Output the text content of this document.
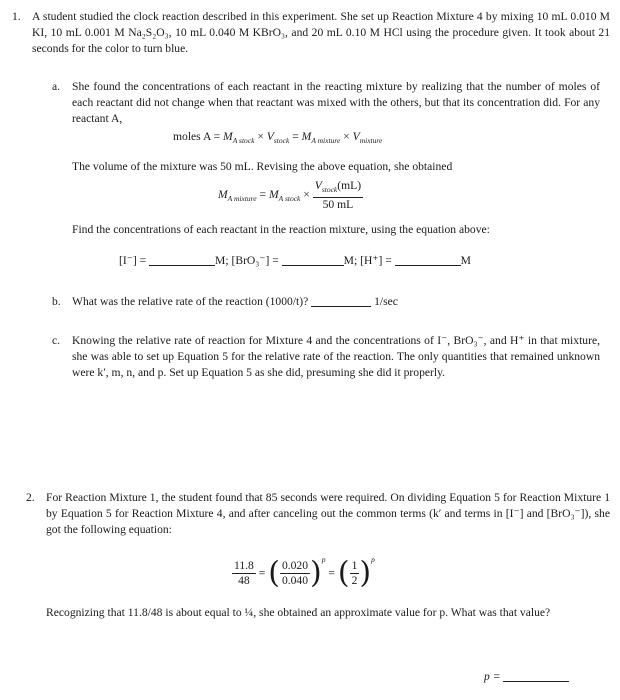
1. A student studied the clock reaction described in this experiment. She set up Reaction Mixture 4 by mixing 10 mL 0.010 M KI, 10 mL 0.001 M Na₂S₂O₃, 10 mL 0.040 M KBrO₃, and 20 mL 0.10 M HCl using the procedure given. It took about 21 seconds for the color to turn blue.
a. She found the concentrations of each reactant in the reacting mixture by realizing that the number of moles of each reactant did not change when that reactant was mixed with the others, but that its concentration did. For any reactant A,
moles $A = M_{A stock} \times V_{stock} = M_{A mixture} \times V_{mixture}$
The volume of the mixture was 50 mL. Revising the above equation, she obtained
$M_{A mixture} = M_{A stock} \times \frac{V_{stock}(mL)}{50 mL}$
Find the concentrations of each reactant in the reaction mixture, using the equation above:
[I⁻] =	M; [BrO₃⁻] =	M; [H⁺] =	M
b. What was the relative rate of the reaction (1000/t)?	1/sec
c. Knowing the relative rate of reaction for Mixture 4 and the concentrations of I⁻, BrO₃⁻, and H⁺ in that mixture, she was able to set up Equation 5 for the relative rate of the reaction. The only quantities that remained unknown were k′, m, n, and p. Set up Equation 5 as she did, presuming she did it properly.
2. For Reaction Mixture 1, the student found that 85 seconds were required. On dividing Equation 5 for Reaction Mixture 1 by Equation 5 for Reaction Mixture 4, and after canceling out the common terms (k′ and terms in [I⁻] and [BrO₃⁻]), she got the following equation:
$\frac{11.8}{48}$ = ( $\frac{0.020}{0.040} )^p$ = ( $\frac{1}{2} )^p$
Recognizing that 11.8/48 is about equal to ¼, she obtained an approximate value for p. What was that value?
p =
